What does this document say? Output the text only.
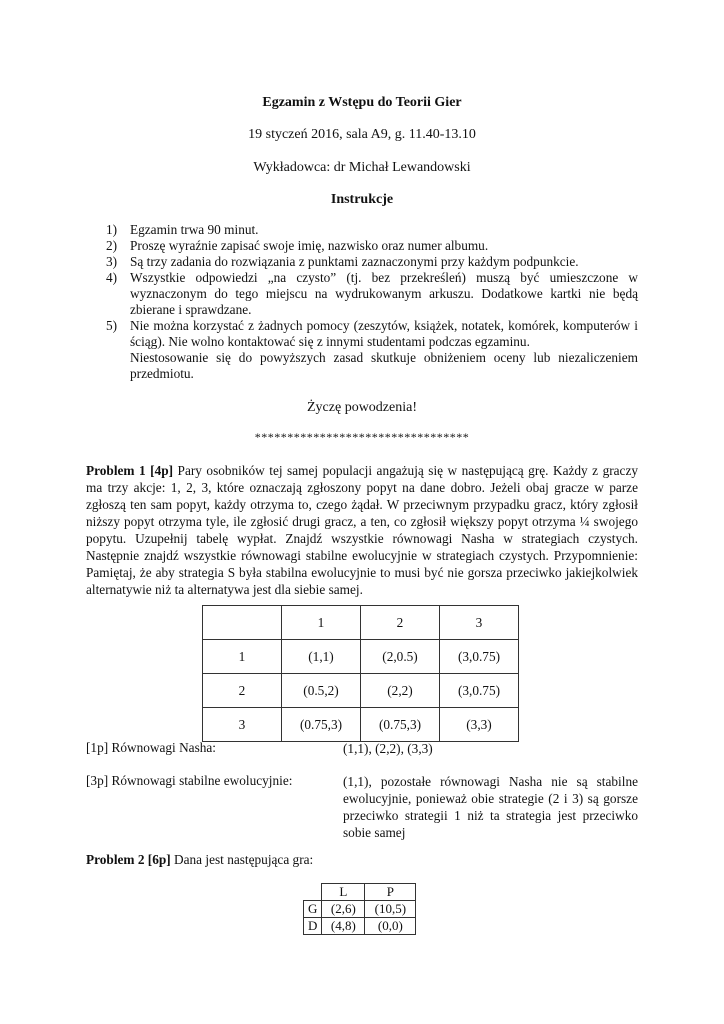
Egzamin z Wstępu do Teorii Gier
19 styczeń 2016, sala A9, g. 11.40-13.10
Wykładowca: dr Michał Lewandowski
Instrukcje
1) Egzamin trwa 90 minut.
2) Proszę wyraźnie zapisać swoje imię, nazwisko oraz numer albumu.
3) Są trzy zadania do rozwiązania z punktami zaznaczonymi przy każdym podpunkcie.
4) Wszystkie odpowiedzi „na czysto” (tj. bez przekreśleń) muszą być umieszczone w wyznaczonym do tego miejscu na wydrukowanym arkuszu. Dodatkowe kartki nie będą zbierane i sprawdzane.
5) Nie można korzystać z żadnych pomocy (zeszytów, książek, notatek, komórek, komputerów i ściąg). Nie wolno kontaktować się z innymi studentami podczas egzaminu.
Niestosowanie się do powyższych zasad skutkuje obniżeniem oceny lub niezaliczeniem przedmiotu.
Życzę powodzenia!
*********************************

Problem 1 [4p] Pary osobników tej samej populacji angażują się w następującą grę. Każdy z graczy ma trzy akcje: 1, 2, 3, które oznaczają zgłoszony popyt na dane dobro. Jeżeli obaj gracze w parze zgłoszą ten sam popyt, każdy otrzyma to, czego żądał. W przeciwnym przypadku gracz, który zgłosił niższy popyt otrzyma tyle, ile zgłosić drugi gracz, a ten, co zgłosił większy popyt otrzyma ¼ swojego popytu. Uzupełnij tabelę wypłat. Znajdź wszystkie równowagi Nasha w strategiach czystych. Następnie znajdź wszystkie równowagi stabilne ewolucyjnie w strategiach czystych. Przypomnienie: Pamiętaj, że aby strategia S była stabilna ewolucyjnie to musi być nie gorsza przeciwko jakiejkolwiek alternatywie niż ta alternatywa jest dla siebie samej.

	1	2	3
1	(1,1)	(2,0.5)	(3,0.75)
2	(0.5,2)	(2,2)	(3,0.75)
3	(0.75,3)	(0.75,3)	(3,3)
[1p] Równowagi Nasha:	(1,1), (2,2), (3,3)
[3p] Równowagi stabilne ewolucyjnie:	(1,1), pozostałe równowagi Nasha nie są stabilne ewolucyjnie, ponieważ obie strategie (2 i 3) są gorsze przeciwko strategii 1 niż ta strategia jest przeciwko sobie samej
Problem 2 [6p] Dana jest następująca gra:
	L	P
G	(2,6)	(10,5)
D	(4,8)	(0,0)
